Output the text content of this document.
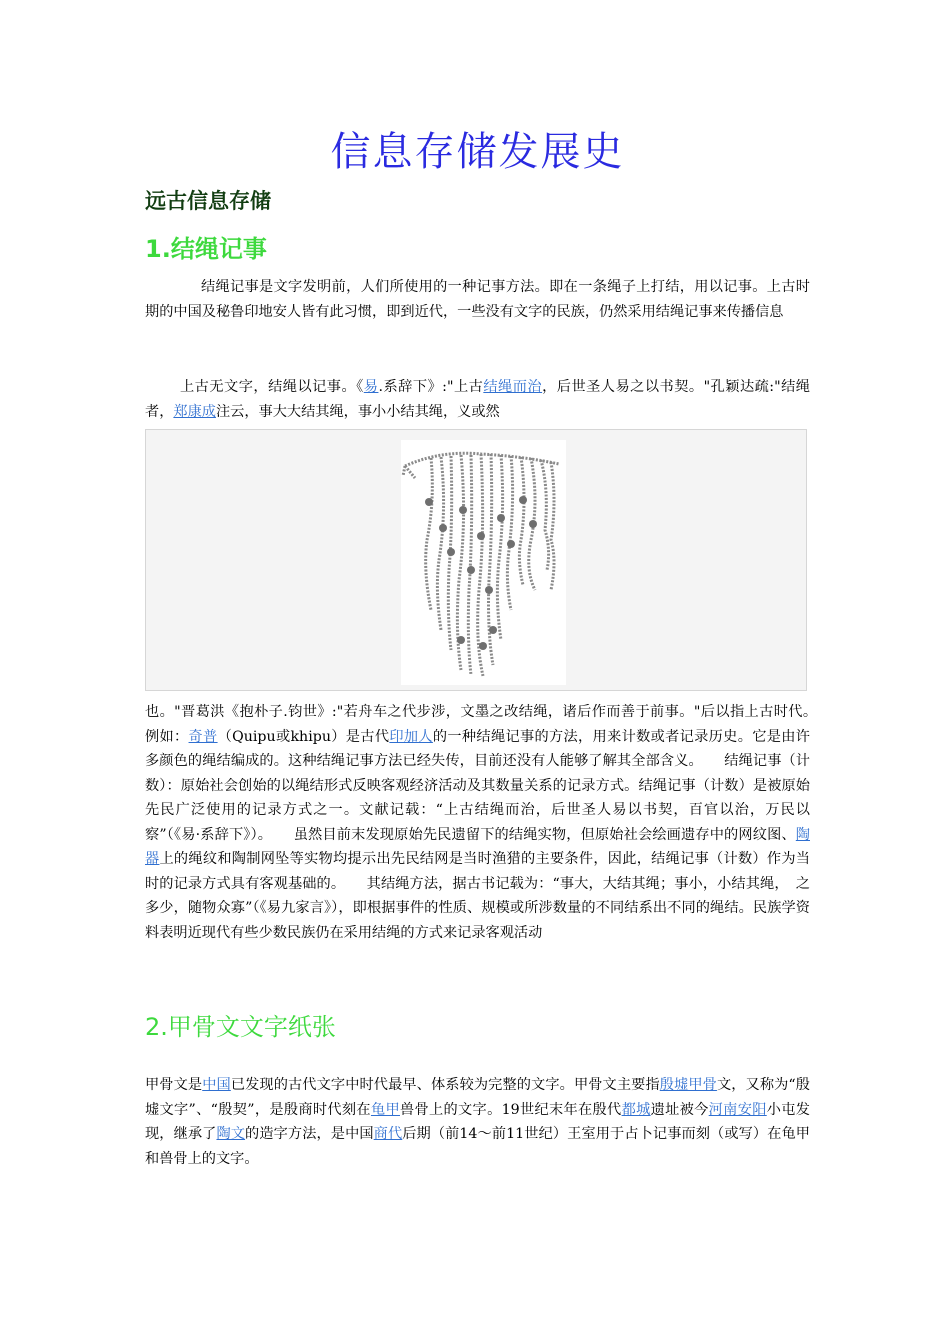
信息存储发展史
远古信息存储
1.结绳记事
结绳记事是文字发明前，人们所使用的一种记事方法。即在一条绳子上打结，用以记事。上古时期的中国及秘鲁印地安人皆有此习惯，即到近代，一些没有文字的民族，仍然采用结绳记事来传播信息
上古无文字，结绳以记事。《易.系辞下》:"上古结绳而治，后世圣人易之以书契。"孔颖达疏:"结绳者，郑康成注云，事大大结其绳，事小小结其绳，义或然
也。"晋葛洪《抱朴子.钧世》:"若舟车之代步涉，文墨之改结绳，诸后作而善于前事。"后以指上古时代。　　例如：奇普（Quipu或khipu）是古代印加人的一种结绳记事的方法，用来计数或者记录历史。它是由许多颜色的绳结编成的。这种结绳记事方法已经失传，目前还没有人能够了解其全部含义。　　结绳记事（计数）：原始社会创始的以绳结形式反映客观经济活动及其数量关系的记录方式。结绳记事（计数）是被原始先民广泛使用的记录方式之一。文献记载：“上古结绳而治，后世圣人易以书契，百官以治，万民以察”（《易·系辞下》）。　　虽然目前末发现原始先民遗留下的结绳实物，但原始社会绘画遗存中的网纹图、陶器上的绳纹和陶制网坠等实物均提示出先民结网是当时渔猎的主要条件，因此，结绳记事（计数）作为当时的记录方式具有客观基础的。　　其结绳方法，据古书记载为：“事大，大结其绳；事小，小结其绳，　之多少，随物众寡”（《易九家言》），即根据事件的性质、规模或所涉数量的不同结系出不同的绳结。民族学资料表明近现代有些少数民族仍在采用结绳的方式来记录客观活动
2.甲骨文文字纸张
甲骨文是中国已发现的古代文字中时代最早、体系较为完整的文字。甲骨文主要指殷墟甲骨文，又称为“殷墟文字”、“殷契”，是殷商时代刻在龟甲兽骨上的文字。19世纪末年在殷代都城遗址被今河南安阳小屯发现，继承了陶文的造字方法，是中国商代后期（前14～前11世纪）王室用于占卜记事而刻（或写）在龟甲和兽骨上的文字。
